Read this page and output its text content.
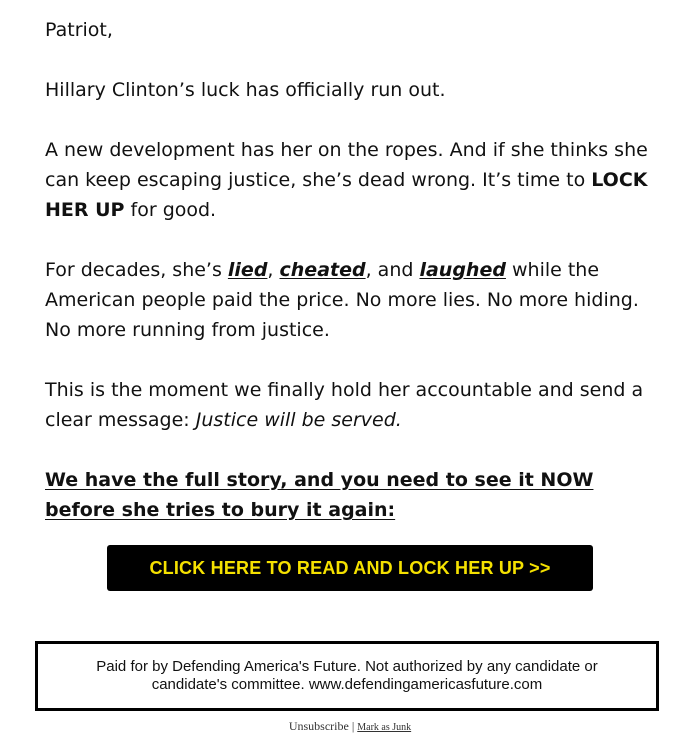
Patriot,

Hillary Clinton’s luck has officially run out.

A new development has her on the ropes. And if she thinks she can keep escaping justice, she’s dead wrong. It’s time to LOCK HER UP for good.

For decades, she’s lied, cheated, and laughed while the American people paid the price. No more lies. No more hiding. No more running from justice.

This is the moment we finally hold her accountable and send a clear message: Justice will be served.

We have the full story, and you need to see it NOW before she tries to bury it again:

CLICK HERE TO READ AND LOCK HER UP >>
Paid for by Defending America's Future. Not authorized by any candidate or candidate's committee. www.defendingamericasfuture.com
Unsubscribe | Mark as Junk
